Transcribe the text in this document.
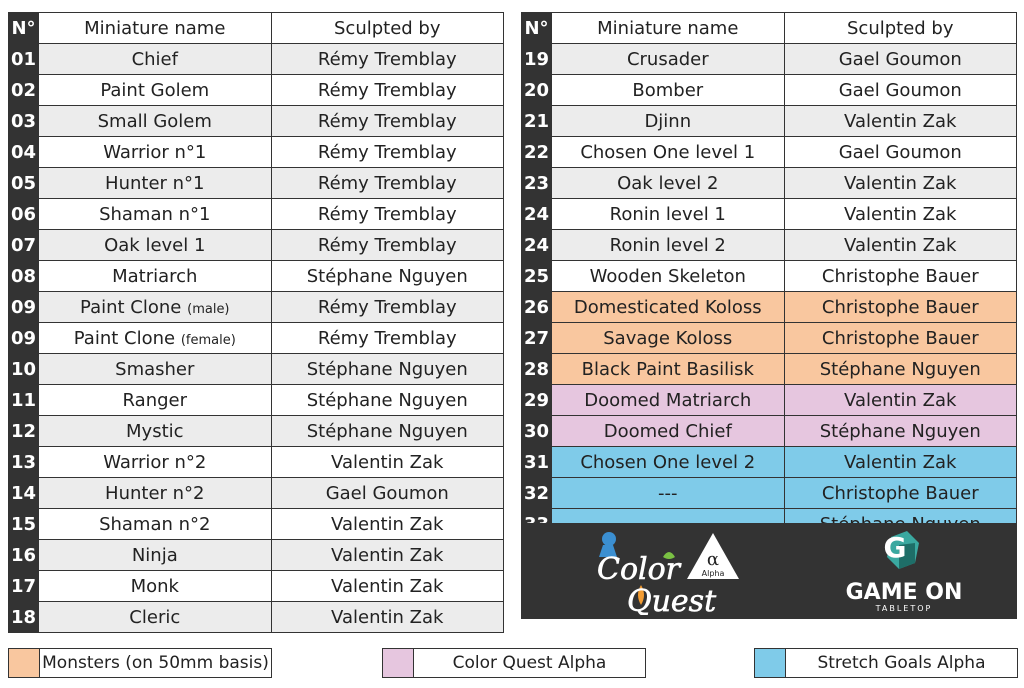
N°	Miniature name	Sculpted by
01	Chief	Rémy Tremblay
02	Paint Golem	Rémy Tremblay
03	Small Golem	Rémy Tremblay
04	Warrior n°1	Rémy Tremblay
05	Hunter n°1	Rémy Tremblay
06	Shaman n°1	Rémy Tremblay
07	Oak level 1	Rémy Tremblay
08	Matriarch	Stéphane Nguyen
09	Paint Clone (male)	Rémy Tremblay
09	Paint Clone (female)	Rémy Tremblay
10	Smasher	Stéphane Nguyen
11	Ranger	Stéphane Nguyen
12	Mystic	Stéphane Nguyen
13	Warrior n°2	Valentin Zak
14	Hunter n°2	Gael Goumon
15	Shaman n°2	Valentin Zak
16	Ninja	Valentin Zak
17	Monk	Valentin Zak
18	Cleric	Valentin Zak
N°	Miniature name	Sculpted by
19	Crusader	Gael Goumon
20	Bomber	Gael Goumon
21	Djinn	Valentin Zak
22	Chosen One level 1	Gael Goumon
23	Oak level 2	Valentin Zak
24	Ronin level 1	Valentin Zak
24	Ronin level 2	Valentin Zak
25	Wooden Skeleton	Christophe Bauer
26	Domesticated Koloss	Christophe Bauer
27	Savage Koloss	Christophe Bauer
28	Black Paint Basilisk	Stéphane Nguyen
29	Doomed Matriarch	Valentin Zak
30	Doomed Chief	Stéphane Nguyen
31	Chosen One level 2	Valentin Zak
32	---	Christophe Bauer

Color
Quest
α
Alpha
G
GAME ON
TABLETOP
Monsters (on 50mm basis)	Color Quest Alpha	Stretch Goals Alpha
